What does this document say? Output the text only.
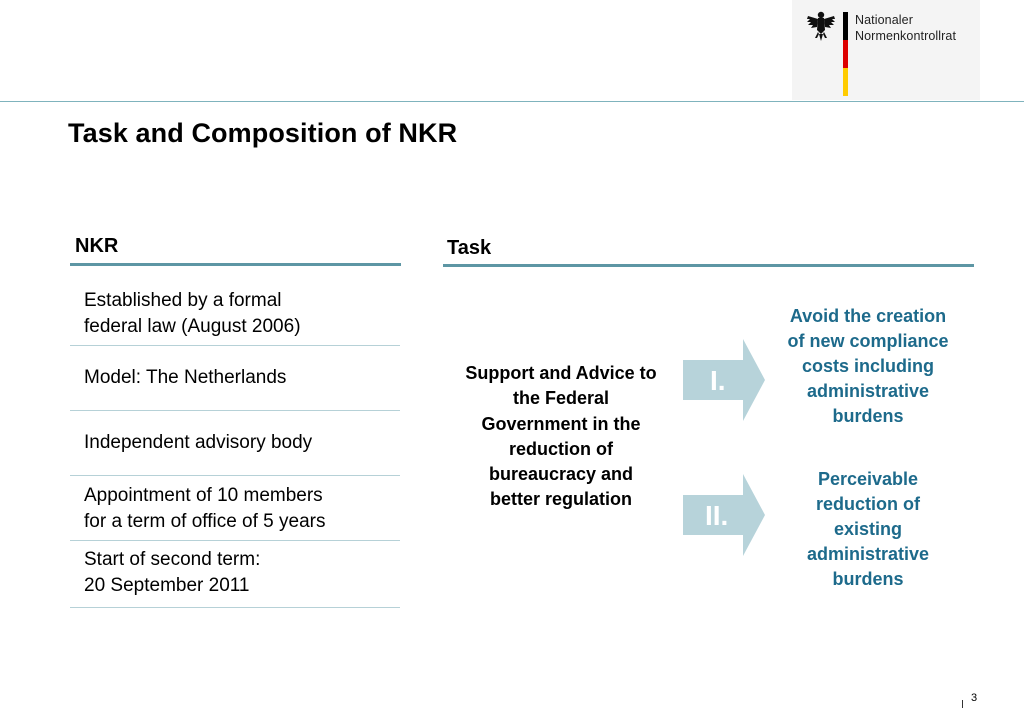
Nationaler
Normenkontrollrat
Task and Composition of NKR
NKR
Established by a formal
federal law (August 2006)
Model: The Netherlands
Independent advisory body
Appointment of 10 members
for a term of office of 5 years
Start of second term:
20 September 2011
Task
Support and Advice to the Federal Government in the reduction of bureaucracy and better regulation
I.
II.
Avoid the creation
of new compliance
costs including
administrative
burdens
Perceivable
reduction of
existing
administrative
burdens
3
